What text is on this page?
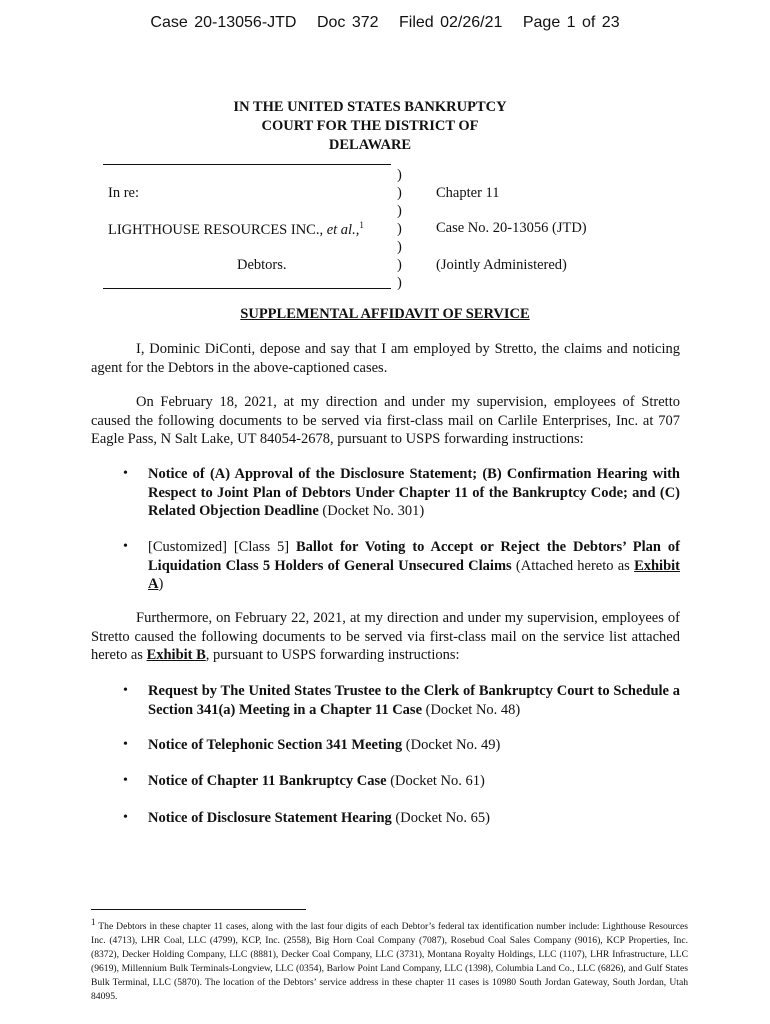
Case 20-13056-JTD Doc 372 Filed 02/26/21 Page 1 of 23
IN THE UNITED STATES BANKRUPTCY
COURT FOR THE DISTRICT OF
DELAWARE
)
)
)
)
)
)
)
In re:
LIGHTHOUSE RESOURCES INC., et al.,$^1$
Debtors.
Chapter 11
Case No. 20-13056 (JTD)
(Jointly Administered)
SUPPLEMENTAL AFFIDAVIT OF SERVICE
I, Dominic DiConti, depose and say that I am employed by Stretto, the claims and noticing agent for the Debtors in the above-captioned cases.
On February 18, 2021, at my direction and under my supervision, employees of Stretto caused the following documents to be served via first-class mail on Carlile Enterprises, Inc. at 707 Eagle Pass, N Salt Lake, UT 84054-2678, pursuant to USPS forwarding instructions:
• Notice of (A) Approval of the Disclosure Statement; (B) Confirmation Hearing with Respect to Joint Plan of Debtors Under Chapter 11 of the Bankruptcy Code; and (C) Related Objection Deadline (Docket No. 301)
• [Customized] [Class 5] Ballot for Voting to Accept or Reject the Debtors’ Plan of Liquidation Class 5 Holders of General Unsecured Claims (Attached hereto as Exhibit A)
Furthermore, on February 22, 2021, at my direction and under my supervision, employees of Stretto caused the following documents to be served via first-class mail on the service list attached hereto as Exhibit B, pursuant to USPS forwarding instructions:
• Request by The United States Trustee to the Clerk of Bankruptcy Court to Schedule a Section 341(a) Meeting in a Chapter 11 Case (Docket No. 48)
• Notice of Telephonic Section 341 Meeting (Docket No. 49)
• Notice of Chapter 11 Bankruptcy Case (Docket No. 61)
• Notice of Disclosure Statement Hearing (Docket No. 65)
$^1$ The Debtors in these chapter 11 cases, along with the last four digits of each Debtor’s federal tax identification number include: Lighthouse Resources Inc. (4713), LHR Coal, LLC (4799), KCP, Inc. (2558), Big Horn Coal Company (7087), Rosebud Coal Sales Company (9016), KCP Properties, Inc. (8372), Decker Holding Company, LLC (8881), Decker Coal Company, LLC (3731), Montana Royalty Holdings, LLC (1107), LHR Infrastructure, LLC (9619), Millennium Bulk Terminals-Longview, LLC (0354), Barlow Point Land Company, LLC (1398), Columbia Land Co., LLC (6826), and Gulf States Bulk Terminal, LLC (5870). The location of the Debtors’ service address in these chapter 11 cases is 10980 South Jordan Gateway, South Jordan, Utah 84095.
